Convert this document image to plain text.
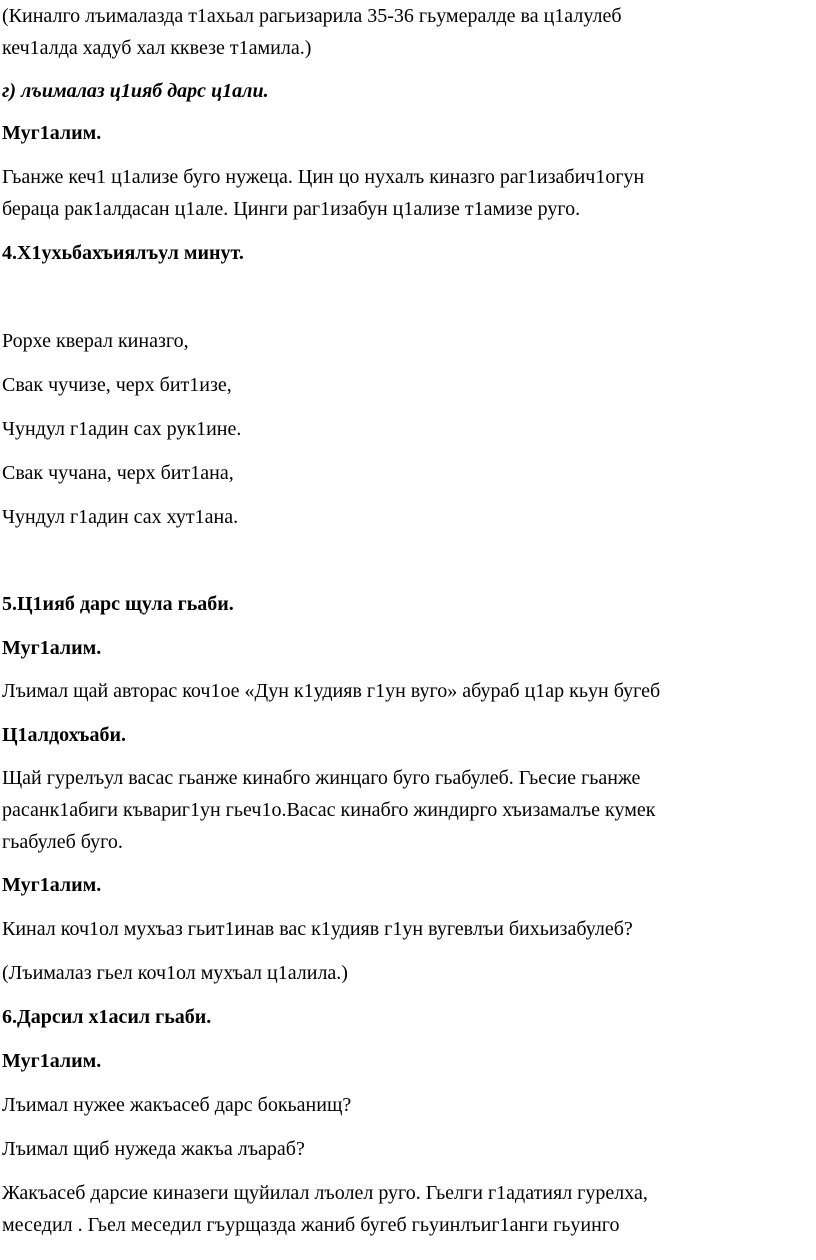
(Киналго лъималазда т1ахьал рагьизарила 35-36 гьумералде ва ц1алулеб

кеч1алда хадуб хал кквезе т1амила.)

г) лъималаз ц1ияб дарс ц1али.

Муг1алим.

Гьанже кеч1 ц1ализе буго нужеца. Цин цо нухалъ киназго раг1изабич1огун

бераца рак1алдасан ц1але. Цинги раг1изабун ц1ализе т1амизе руго.

4.Х1ухьбахъиялъул минут.

Рорхе кверал киназго,

Свак чучизе, черх бит1изе,

Чундул г1адин сах рук1ине.

Свак чучана, черх бит1ана,

Чундул г1адин сах хут1ана.

5.Ц1ияб дарс щула гьаби.

Муг1алим.

Лъимал щай авторас коч1ое «Дун к1удияв г1ун вуго» абураб ц1ар кьун бугеб

Ц1алдохъаби.

Щай гурелъул васас гьанже кинабго жинцаго буго гьабулеб. Гьесие гьанже

расанк1абиги къвариг1ун гьеч1о.Васас кинабго жиндирго хъизамалъе кумек

гьабулеб буго.

Муг1алим.

Кинал коч1ол мухъаз гьит1инав вас к1удияв г1ун вугевлъи бихьизабулеб?

(Лъималаз гьел коч1ол мухъал ц1алила.)

6.Дарсил х1асил гьаби.

Муг1алим.

Лъимал нужее жакъасеб дарс бокьанищ?

Лъимал щиб нужеда жакъа лъараб?

Жакъасеб дарсие киназеги щуйилал лъолел руго. Гьелги г1адатиял гурелха,

меседил . Гьел меседил гъурщазда жаниб бугеб гьуинлъиг1анги гьуинго
